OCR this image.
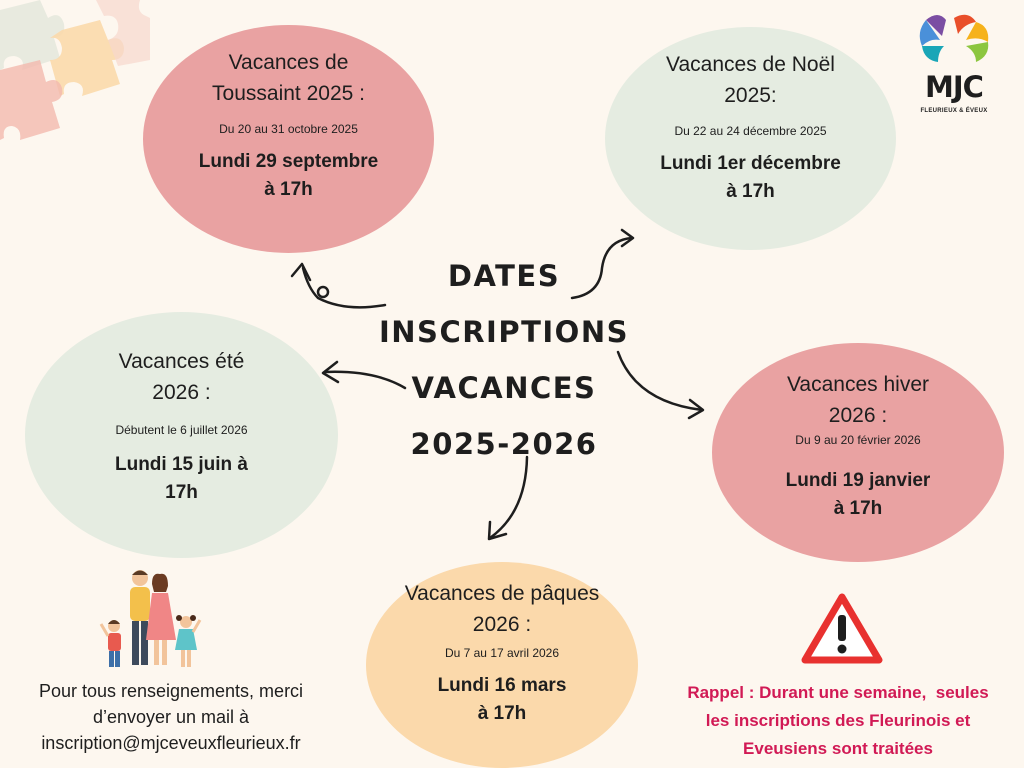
MJC
FLEURIEUX & ÉVEUX
Vacances de
Toussaint 2025 :
Du 20 au 31 octobre 2025
Lundi 29 septembre
à 17h
Vacances de Noël
2025:
Du 22 au 24 décembre 2025
Lundi 1er décembre
à 17h
Vacances été
2026 :
Débutent le 6 juillet 2026
Lundi 15 juin à
17h
Vacances hiver
2026 :
Du 9 au 20 février 2026
Lundi 19 janvier
à 17h
Vacances de pâques
2026 :
Du 7 au 17 avril 2026
Lundi 16 mars
à 17h
DATES
INSCRIPTIONS
VACANCES
2025-2026
Pour tous renseignements, merci
d’envoyer un mail à
inscription@mjceveuxfleurieux.fr
Rappel : Durant une semaine,  seules
les inscriptions des Fleurinois et
Eveusiens sont traitées
